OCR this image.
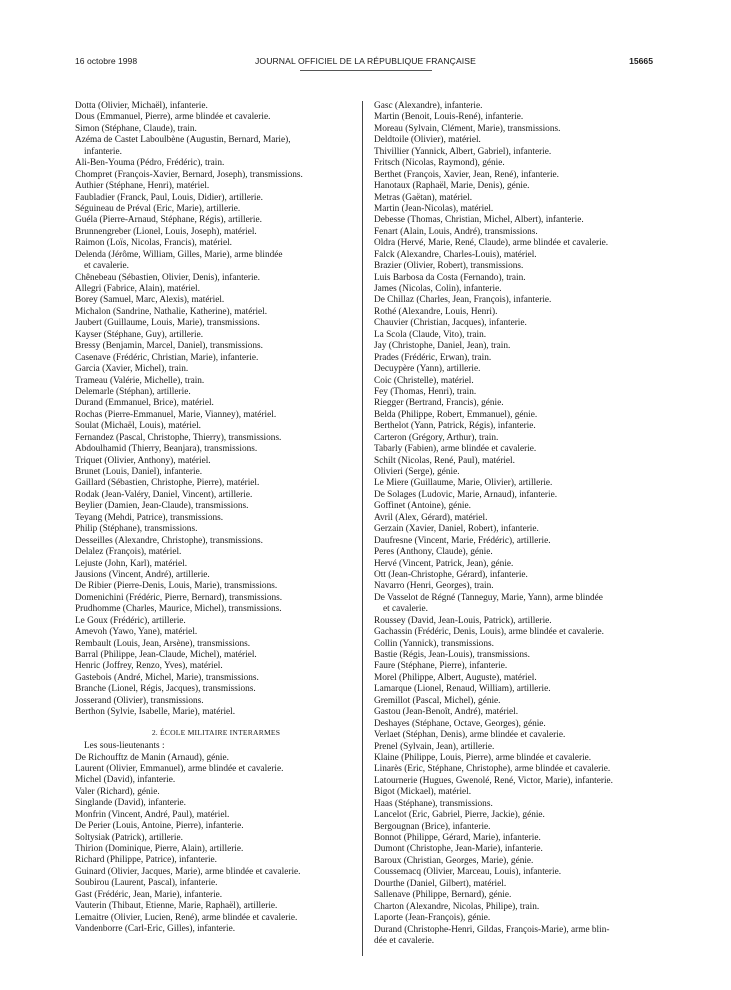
16 octobre 1998	JOURNAL OFFICIEL DE LA RÉPUBLIQUE FRANÇAISE	15665
Dotta (Olivier, Michaël), infanterie.
Dous (Emmanuel, Pierre), arme blindée et cavalerie.
Simon (Stéphane, Claude), train.
Azéma de Castet Laboulbène (Augustin, Bernard, Marie),
infanterie.
Ali-Ben-Youma (Pédro, Frédéric), train.
Chompret (François-Xavier, Bernard, Joseph), transmissions.
Authier (Stéphane, Henri), matériel.
Faubladier (Franck, Paul, Louis, Didier), artillerie.
Séguineau de Préval (Eric, Marie), artillerie.
Guéla (Pierre-Arnaud, Stéphane, Régis), artillerie.
Brunnengreber (Lionel, Louis, Joseph), matériel.
Raimon (Loïs, Nicolas, Francis), matériel.
Delenda (Jérôme, William, Gilles, Marie), arme blindée
et cavalerie.
Chênebeau (Sébastien, Olivier, Denis), infanterie.
Allegri (Fabrice, Alain), matériel.
Borey (Samuel, Marc, Alexis), matériel.
Michalon (Sandrine, Nathalie, Katherine), matériel.
Jaubert (Guillaume, Louis, Marie), transmissions.
Kayser (Stéphane, Guy), artillerie.
Bressy (Benjamin, Marcel, Daniel), transmissions.
Casenave (Frédéric, Christian, Marie), infanterie.
Garcia (Xavier, Michel), train.
Trameau (Valérie, Michelle), train.
Delemarle (Stéphan), artillerie.
Durand (Emmanuel, Brice), matériel.
Rochas (Pierre-Emmanuel, Marie, Vianney), matériel.
Soulat (Michaël, Louis), matériel.
Fernandez (Pascal, Christophe, Thierry), transmissions.
Abdoulhamid (Thierry, Beanjara), transmissions.
Triquet (Olivier, Anthony), matériel.
Brunet (Louis, Daniel), infanterie.
Gaillard (Sébastien, Christophe, Pierre), matériel.
Rodak (Jean-Valéry, Daniel, Vincent), artillerie.
Beylier (Damien, Jean-Claude), transmissions.
Teyang (Mehdi, Patrice), transmissions.
Philip (Stéphane), transmissions.
Desseilles (Alexandre, Christophe), transmissions.
Delalez (François), matériel.
Lejuste (John, Karl), matériel.
Jausions (Vincent, André), artillerie.
De Ribier (Pierre-Denis, Louis, Marie), transmissions.
Domenichini (Frédéric, Pierre, Bernard), transmissions.
Prudhomme (Charles, Maurice, Michel), transmissions.
Le Goux (Frédéric), artillerie.
Amevoh (Yawo, Yane), matériel.
Rembault (Louis, Jean, Arsène), transmissions.
Barral (Philippe, Jean-Claude, Michel), matériel.
Henric (Joffrey, Renzo, Yves), matériel.
Gastebois (André, Michel, Marie), transmissions.
Branche (Lionel, Régis, Jacques), transmissions.
Josserand (Olivier), transmissions.
Berthon (Sylvie, Isabelle, Marie), matériel.
2. ÉCOLE MILITAIRE INTERARMES
Les sous-lieutenants :
De Richoufftz de Manin (Arnaud), génie.
Laurent (Olivier, Emmanuel), arme blindée et cavalerie.
Michel (David), infanterie.
Valer (Richard), génie.
Singlande (David), infanterie.
Monfrin (Vincent, André, Paul), matériel.
De Perier (Louis, Antoine, Pierre), infanterie.
Soltysiak (Patrick), artillerie.
Thirion (Dominique, Pierre, Alain), artillerie.
Richard (Philippe, Patrice), infanterie.
Guinard (Olivier, Jacques, Marie), arme blindée et cavalerie.
Soubirou (Laurent, Pascal), infanterie.
Gast (Frédéric, Jean, Marie), infanterie.
Vauterin (Thibaut, Etienne, Marie, Raphaël), artillerie.
Lemaitre (Olivier, Lucien, René), arme blindée et cavalerie.
Vandenborre (Carl-Eric, Gilles), infanterie.
Gasc (Alexandre), infanterie.
Martin (Benoit, Louis-René), infanterie.
Moreau (Sylvain, Clément, Marie), transmissions.
Deldtoile (Olivier), matériel.
Thivillier (Yannick, Albert, Gabriel), infanterie.
Fritsch (Nicolas, Raymond), génie.
Berthet (François, Xavier, Jean, René), infanterie.
Hanotaux (Raphaël, Marie, Denis), génie.
Metras (Gaëtan), matériel.
Martin (Jean-Nicolas), matériel.
Debesse (Thomas, Christian, Michel, Albert), infanterie.
Fenart (Alain, Louis, André), transmissions.
Oldra (Hervé, Marie, René, Claude), arme blindée et cavalerie.
Falck (Alexandre, Charles-Louis), matériel.
Brazier (Olivier, Robert), transmissions.
Luis Barbosa da Costa (Fernando), train.
James (Nicolas, Colin), infanterie.
De Chillaz (Charles, Jean, François), infanterie.
Rothé (Alexandre, Louis, Henri).
Chauvier (Christian, Jacques), infanterie.
La Scola (Claude, Vito), train.
Jay (Christophe, Daniel, Jean), train.
Prades (Frédéric, Erwan), train.
Decuypère (Yann), artillerie.
Coic (Christelle), matériel.
Fey (Thomas, Henri), train.
Riegger (Bertrand, Francis), génie.
Belda (Philippe, Robert, Emmanuel), génie.
Berthelot (Yann, Patrick, Régis), infanterie.
Carteron (Grégory, Arthur), train.
Tabarly (Fabien), arme blindée et cavalerie.
Schilt (Nicolas, René, Paul), matériel.
Olivieri (Serge), génie.
Le Miere (Guillaume, Marie, Olivier), artillerie.
De Solages (Ludovic, Marie, Arnaud), infanterie.
Goffinet (Antoine), génie.
Avril (Alex, Gérard), matériel.
Gerzain (Xavier, Daniel, Robert), infanterie.
Daufresne (Vincent, Marie, Frédéric), artillerie.
Peres (Anthony, Claude), génie.
Hervé (Vincent, Patrick, Jean), génie.
Ott (Jean-Christophe, Gérard), infanterie.
Navarro (Henri, Georges), train.
De Vasselot de Régné (Tanneguy, Marie, Yann), arme blindée
et cavalerie.
Roussey (David, Jean-Louis, Patrick), artillerie.
Gachassin (Frédéric, Denis, Louis), arme blindée et cavalerie.
Collin (Yannick), transmissions.
Bastie (Régis, Jean-Louis), transmissions.
Faure (Stéphane, Pierre), infanterie.
Morel (Philippe, Albert, Auguste), matériel.
Lamarque (Lionel, Renaud, William), artillerie.
Gremillot (Pascal, Michel), génie.
Gastou (Jean-Benoît, André), matériel.
Deshayes (Stéphane, Octave, Georges), génie.
Verlaet (Stéphan, Denis), arme blindée et cavalerie.
Prenel (Sylvain, Jean), artillerie.
Klaine (Philippe, Louis, Pierre), arme blindée et cavalerie.
Linarès (Eric, Stéphane, Christophe), arme blindée et cavalerie.
Latournerie (Hugues, Gwenolé, René, Victor, Marie), infanterie.
Bigot (Mickael), matériel.
Haas (Stéphane), transmissions.
Lancelot (Eric, Gabriel, Pierre, Jackie), génie.
Bergougnan (Brice), infanterie.
Bonnot (Philippe, Gérard, Marie), infanterie.
Dumont (Christophe, Jean-Marie), infanterie.
Baroux (Christian, Georges, Marie), génie.
Coussemacq (Olivier, Marceau, Louis), infanterie.
Dourthe (Daniel, Gilbert), matériel.
Sallenave (Philippe, Bernard), génie.
Charton (Alexandre, Nicolas, Philipe), train.
Laporte (Jean-François), génie.
Durand (Christophe-Henri, Gildas, François-Marie), arme blin-
dée et cavalerie.
